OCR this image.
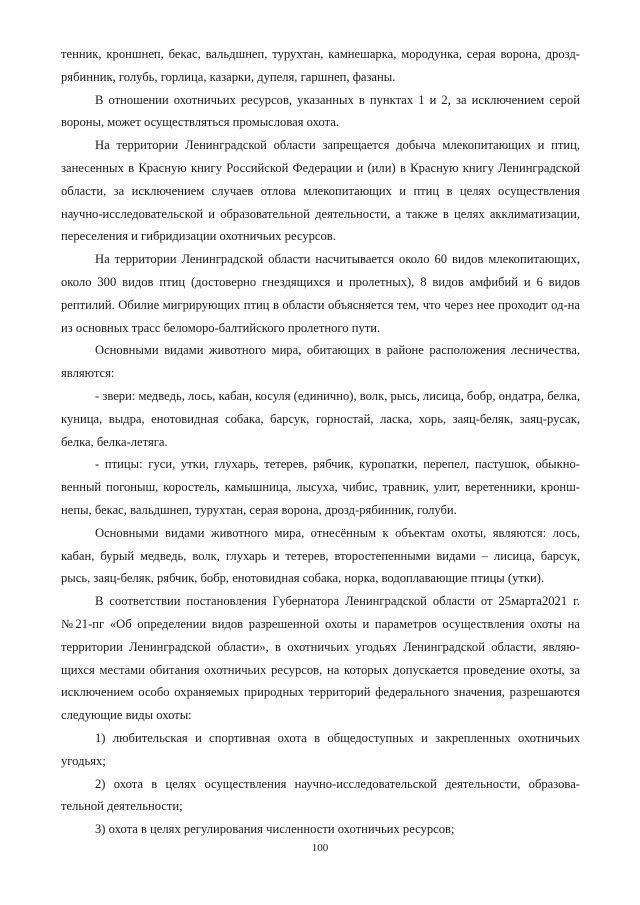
тенник, кроншнеп, бекас, вальдшнеп, турухтан, камнешарка, мородунка, серая ворона, дрозд-рябинник, голубь, горлица, казарки, дупеля, гаршнеп, фазаны.

В отношении охотничьих ресурсов, указанных в пунктах 1 и 2, за исключением серой вороны, может осуществляться промысловая охота.

На территории Ленинградской области запрещается добыча млекопитающих и птиц, занесенных в Красную книгу Российской Федерации и (или) в Красную книгу Ленинградской области, за исключением случаев отлова млекопитающих и птиц в целях осуществления научно-исследовательской и образовательной деятельности, а также в целях акклиматизации, переселения и гибридизации охотничьих ресурсов.

На территории Ленинградской области насчитывается около 60 видов млекопитающих, около 300 видов птиц (достоверно гнездящихся и пролетных), 8 видов амфибий и 6 видов рептилий. Обилие мигрирующих птиц в области объясняется тем, что через нее проходит од-на из основных трасс беломоро-балтийского пролетного пути.

Основными видами животного мира, обитающих в районе расположения лесничества, являются:

- звери: медведь, лось, кабан, косуля (единично), волк, рысь, лисица, бобр, ондатра, белка, куница, выдра, енотовидная собака, барсук, горностай, ласка, хорь, заяц-беляк, заяц-русак, белка, белка-летяга.

- птицы: гуси, утки, глухарь, тетерев, рябчик, куропатки, перепел, пастушок, обыкно-венный погоныш, коростель, камышница, лысуха, чибис, травник, улит, веретенники, кронш-непы, бекас, вальдшнеп, турухтан, серая ворона, дрозд-рябинник, голуби.

Основными видами животного мира, отнесённым к объектам охоты, являются: лось, кабан, бурый медведь, волк, глухарь и тетерев, второстепенными видами – лисица, барсук, рысь, заяц-беляк, рябчик, бобр, енотовидная собака, норка, водоплавающие птицы (утки).

В соответствии постановления Губернатора Ленинградской области от 25марта2021 г. №21-пг «Об определении видов разрешенной охоты и параметров осуществления охоты на территории Ленинградской области», в охотничьих угодьях Ленинградской области, являю-щихся местами обитания охотничьих ресурсов, на которых допускается проведение охоты, за исключением особо охраняемых природных территорий федерального значения, разрешаются следующие виды охоты:

1) любительская и спортивная охота в общедоступных и закрепленных охотничьих угодьях;

2) охота в целях осуществления научно-исследовательской деятельности, образова-тельной деятельности;

3) охота в целях регулирования численности охотничьих ресурсов;

100
